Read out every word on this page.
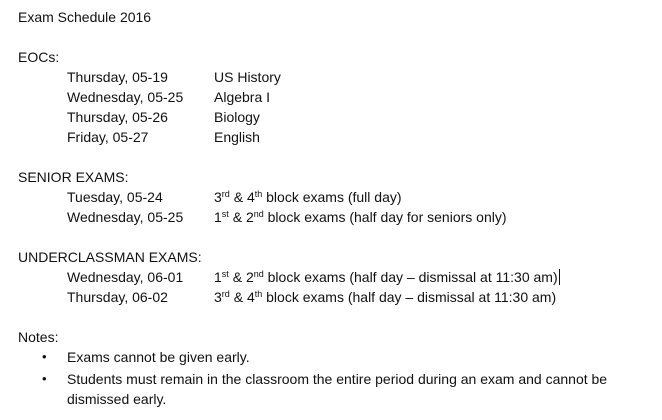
Exam Schedule 2016
EOCs:
Thursday, 05-19	US History
Wednesday, 05-25 Algebra I
Thursday, 05-26	Biology
Friday, 05-27	English
SENIOR EXAMS:
Tuesday, 05-24	3rd & 4th block exams (full day)
Wednesday, 05-25 1st & 2nd block exams (half day for seniors only)
UNDERCLASSMAN EXAMS:
Wednesday, 06-01 1st & 2nd block exams (half day – dismissal at 11:30 am)
Thursday, 06-02	3rd & 4th block exams (half day – dismissal at 11:30 am)
Notes:
• Exams cannot be given early.
• Students must remain in the classroom the entire period during an exam and cannot be dismissed early.
